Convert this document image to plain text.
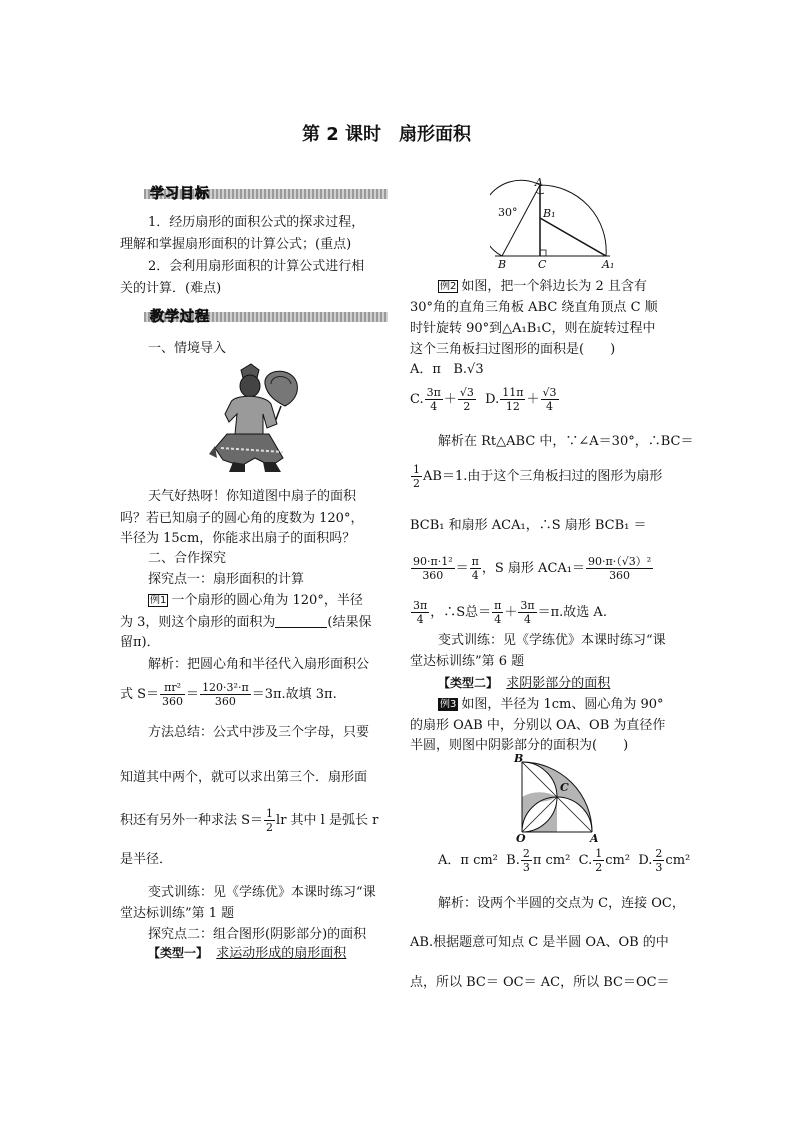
第 2 课时　扇形面积
学习目标
1．经历扇形的面积公式的探求过程，
理解和掌握扇形面积的计算公式；(重点)
2．会利用扇形面积的计算公式进行相
关的计算．(难点)
教学过程
一、情境导入
天气好热呀！你知道图中扇子的面积
吗？若已知扇子的圆心角的度数为 120°，
半径为 15cm，你能求出扇子的面积吗？
二、合作探究
探究点一：扇形面积的计算
例1 一个扇形的圆心角为 120°，半径
为 3，则这个扇形的面积为	(结果保
留π)．
解析：把圆心角和半径代入扇形面积公
式 $S= \frac{\text{πr²}}{360} = \frac{\text{120·3²·π}}{360} =3\pi$.故填 3π.
方法总结：公式中涉及三个字母，只要
知道其中两个，就可以求出第三个．扇形面
积还有另外一种求法 $S= \frac{1}{2}$ lr 其中 l 是弧长 r
是半径．
变式训练：见《学练优》本课时练习“课
堂达标训练”第 1 题
探究点二：组合图形(阴影部分)的面积
【类型一】 求运动形成的扇形面积
A
B₁
30°
B	C	A₁
例2 如图，把一个斜边长为 2 且含有
30°角的直角三角板 ABC 绕直角顶点 C 顺
时针旋转 90°到△A₁B₁C，则在旋转过程中
这个三角板扫过图形的面积是(　　)
A．π B.√3
C. $\frac{3\pi}{4} + \frac{√3}{2} D$. $\frac{11\pi}{12} + \frac{√3}{4}$
解析在 Rt△ABC 中，∵∠A＝30°，∴BC＝
$\frac{1}{2} AB=1$.由于这个三角板扫过的图形为扇形
BCB₁ 和扇形 ACA₁，∴S 扇形 BCB₁ ＝
$\frac{\text{90·π·1²}}{360} = \frac{\pi}{4}$ ，S 扇形 $ACA_1= \frac{\text{90·π·（√3）²}}{360}$
$\frac{3\pi}{4}$ ，∴S总＝ $\frac{\pi}{4} + \frac{3\pi}{4} =\pi$.故选 A.
变式训练：见《学练优》本课时练习“课
堂达标训练”第 6 题
【类型二】 求阴影部分的面积
例3 如图，半径为 1cm、圆心角为 90°
的扇形 OAB 中，分别以 OA、OB 为直径作
半圆，则图中阴影部分的面积为(　　)
B
C
O	A
A．π cm² B. $\frac{2}{3}$ π cm² C. $\frac{1}{2} cm^2$ D. $\frac{2}{3} cm^2$
解析：设两个半圆的交点为 C，连接 OC，
AB.根据题意可知点 C 是半圆 OA、OB 的中
点，所以 BC＝ OC＝ AC，所以 BC＝OC＝
